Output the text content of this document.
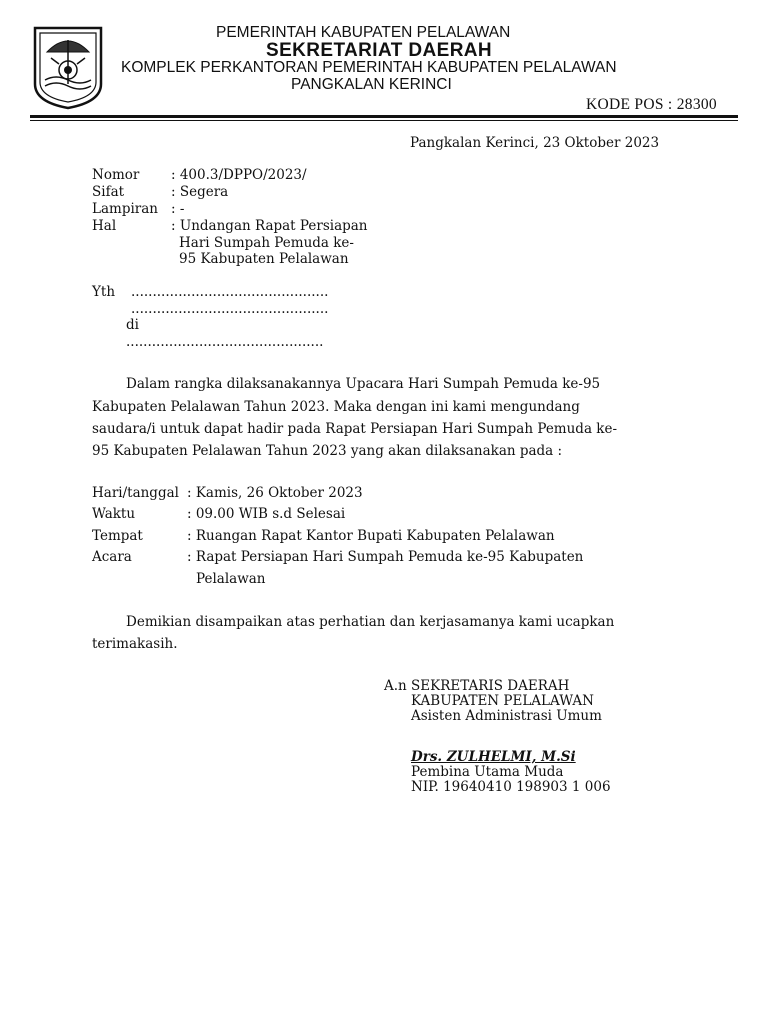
PEMERINTAH KABUPATEN PELALAWAN
SEKRETARIAT DAERAH
KOMPLEK PERKANTORAN PEMERINTAH KABUPATEN PELALAWAN
PANGKALAN KERINCI
KODE POS : 28300
Pangkalan Kerinci, 23 Oktober 2023
Nomor : 400.3/DPPO/2023/
Sifat	: Segera
Lampiran : -
Hal	: Undangan Rapat Persiapan
Hari Sumpah Pemuda ke-
95 Kabupaten Pelalawan
Yth ..............................................
..............................................
di
..............................................
Dalam rangka dilaksanakannya Upacara Hari Sumpah Pemuda ke-95
Kabupaten Pelalawan Tahun 2023. Maka dengan ini kami mengundang
saudara/i untuk dapat hadir pada Rapat Persiapan Hari Sumpah Pemuda ke-
95 Kabupaten Pelalawan Tahun 2023 yang akan dilaksanakan pada :
Hari/tanggal : Kamis, 26 Oktober 2023
Waktu	: 09.00 WIB s.d Selesai
Tempat	: Ruangan Rapat Kantor Bupati Kabupaten Pelalawan
Acara	: Rapat Persiapan Hari Sumpah Pemuda ke-95 Kabupaten
Pelalawan
Demikian disampaikan atas perhatian dan kerjasamanya kami ucapkan
terimakasih.
A.n SEKRETARIS DAERAH
KABUPATEN PELALAWAN
Asisten Administrasi Umum
Drs. ZULHELMI, M.Si
Pembina Utama Muda
NIP. 19640410 198903 1 006
